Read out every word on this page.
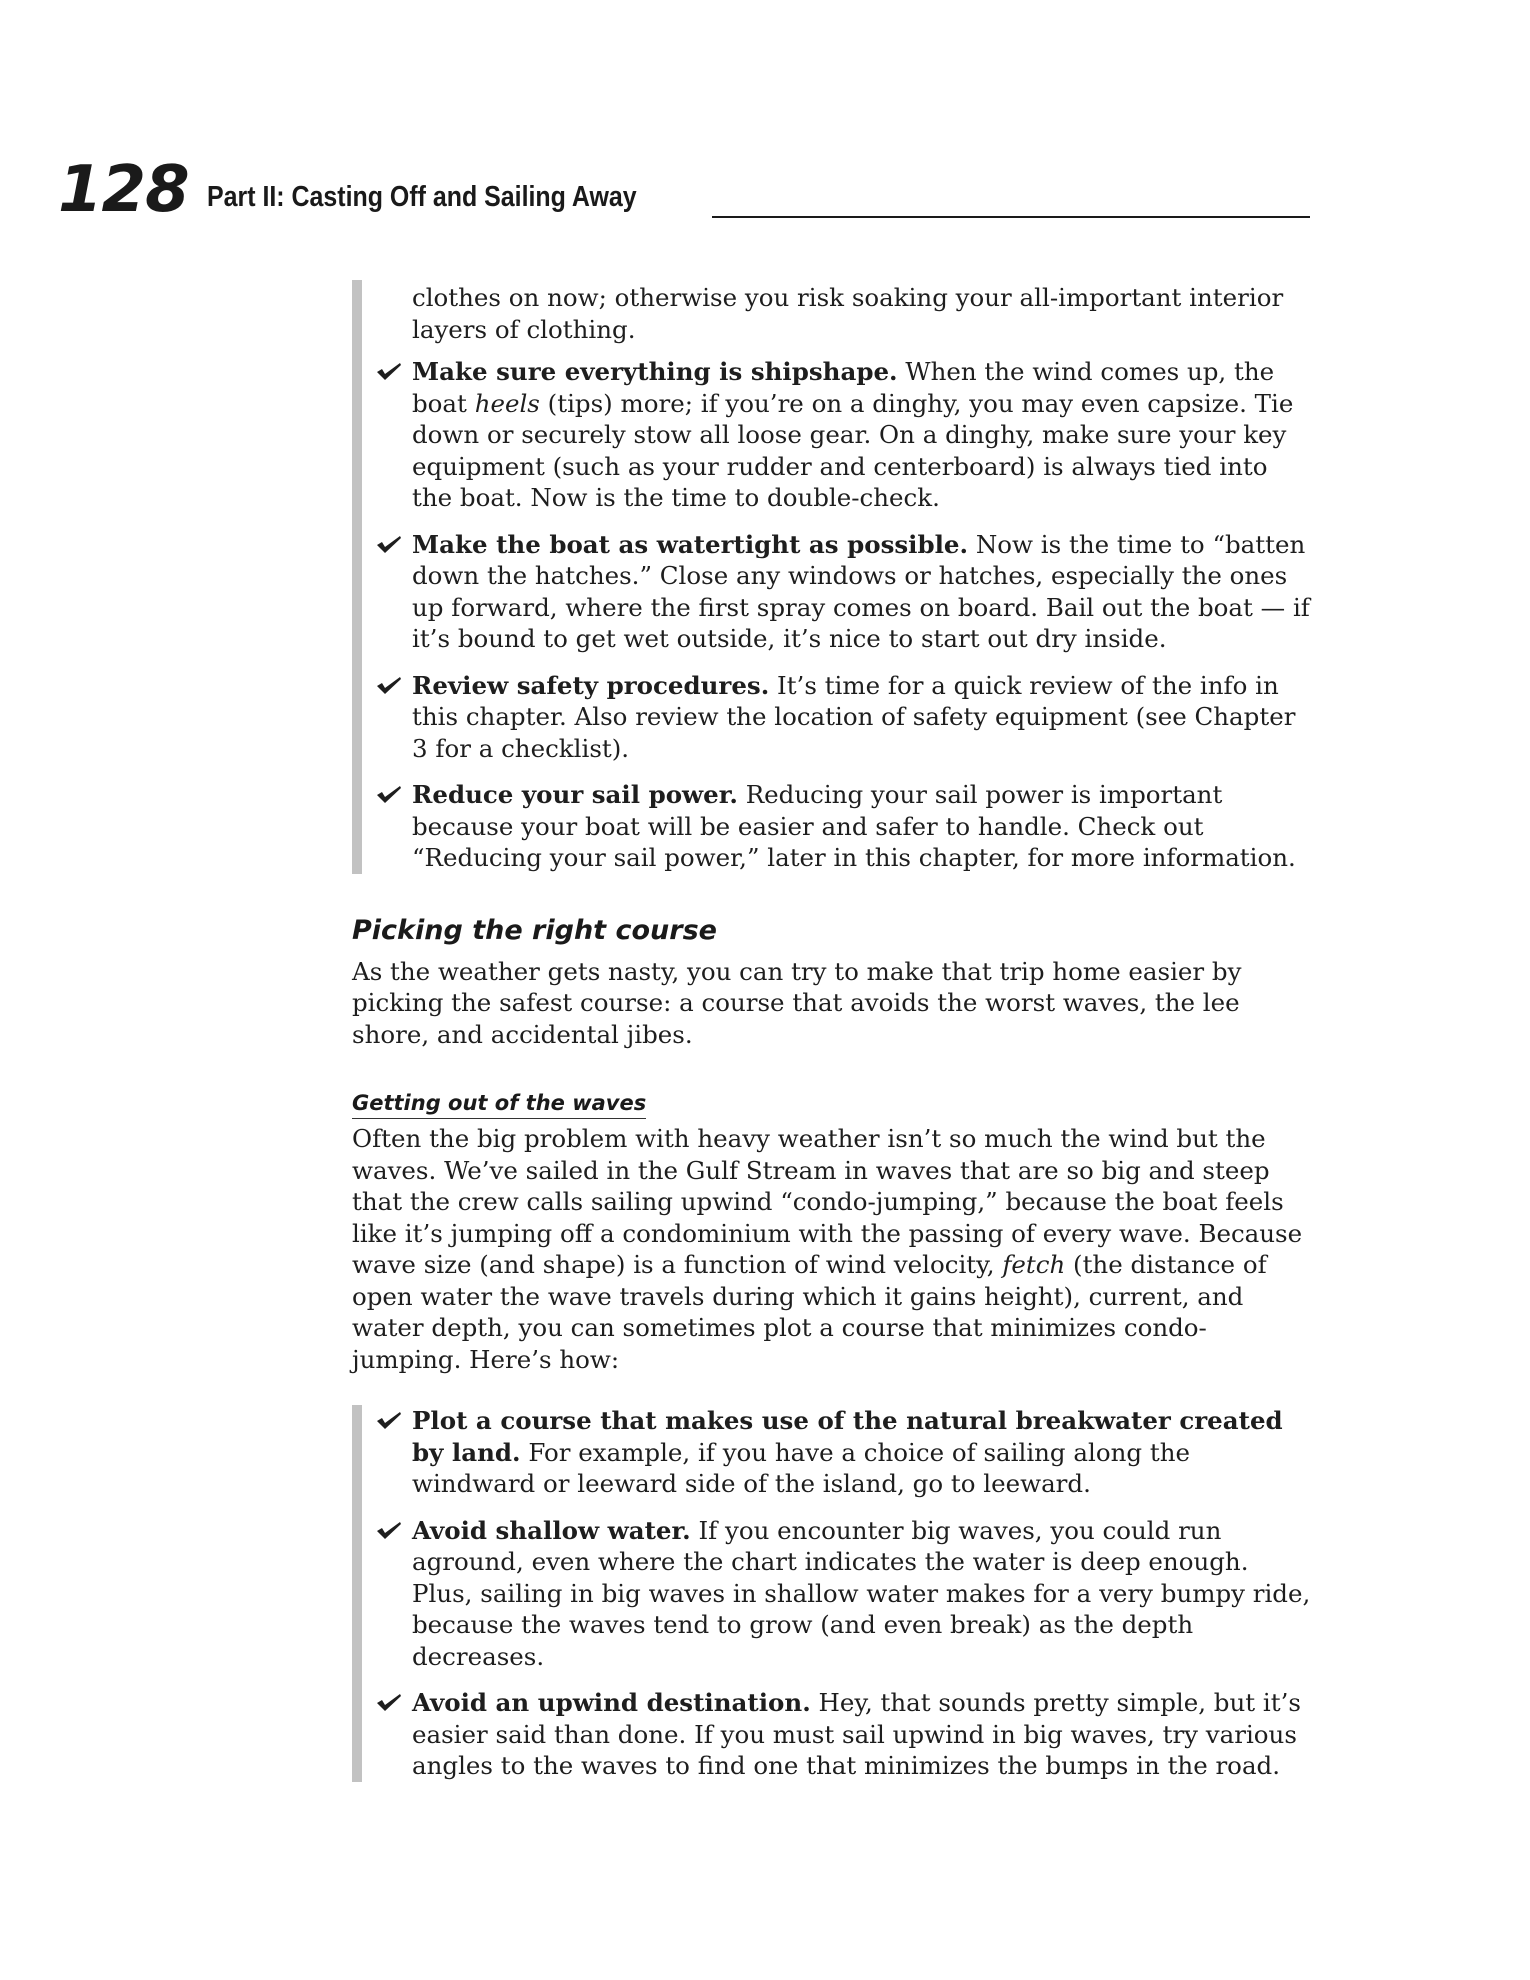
128 Part II: Casting Off and Sailing Away

clothes on now; otherwise you risk soaking your all-important interior layers of clothing.

Make sure everything is shipshape. When the wind comes up, the boat heels (tips) more; if you’re on a dinghy, you may even capsize. Tie down or securely stow all loose gear. On a dinghy, make sure your key equipment (such as your rudder and centerboard) is always tied into the boat. Now is the time to double-check.
Make the boat as watertight as possible. Now is the time to “batten down the hatches.” Close any windows or hatches, especially the ones up forward, where the first spray comes on board. Bail out the boat — if it’s bound to get wet outside, it’s nice to start out dry inside.
Review safety procedures. It’s time for a quick review of the info in this chapter. Also review the location of safety equipment (see Chapter 3 for a checklist).
Reduce your sail power. Reducing your sail power is important because your boat will be easier and safer to handle. Check out “Reducing your sail power,” later in this chapter, for more information.
Picking the right course

As the weather gets nasty, you can try to make that trip home easier by picking the safest course: a course that avoids the worst waves, the lee shore, and accidental jibes.

Getting out of the waves

Often the big problem with heavy weather isn’t so much the wind but the waves. We’ve sailed in the Gulf Stream in waves that are so big and steep that the crew calls sailing upwind “condo-jumping,” because the boat feels like it’s jumping off a condominium with the passing of every wave. Because wave size (and shape) is a function of wind velocity, fetch (the distance of open water the wave travels during which it gains height), current, and water depth, you can sometimes plot a course that minimizes condo-jumping. Here’s how:

Plot a course that makes use of the natural breakwater created by land. For example, if you have a choice of sailing along the windward or leeward side of the island, go to leeward.
Avoid shallow water. If you encounter big waves, you could run aground, even where the chart indicates the water is deep enough. Plus, sailing in big waves in shallow water makes for a very bumpy ride, because the waves tend to grow (and even break) as the depth decreases.
Avoid an upwind destination. Hey, that sounds pretty simple, but it’s easier said than done. If you must sail upwind in big waves, try various angles to the waves to find one that minimizes the bumps in the road.
